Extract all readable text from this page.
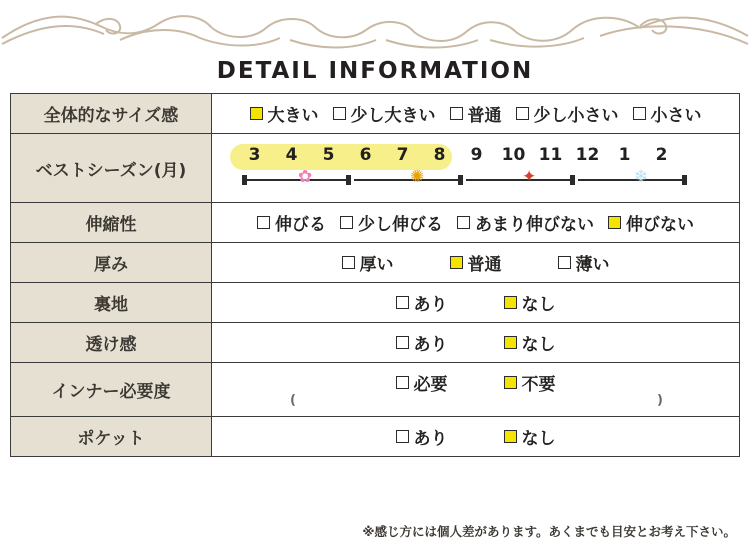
DETAIL INFORMATION
全体的なサイズ感	大きい 少し大きい 普通 少し小さい 小さい

ベストシーズン(月)	
3	4	5	6	7	8	9	10 11 12	1	2
✿	✺	✦	❄

伸縮性	伸びる 少し伸びる あまり伸びない 伸びない

厚み	厚い 普通 薄い

裏地	あり なし

透け感	あり なし

インナー必要度	必要 不要
( )

ポケット	あり なし
※感じ方には個人差があります。あくまでも目安とお考え下さい。
